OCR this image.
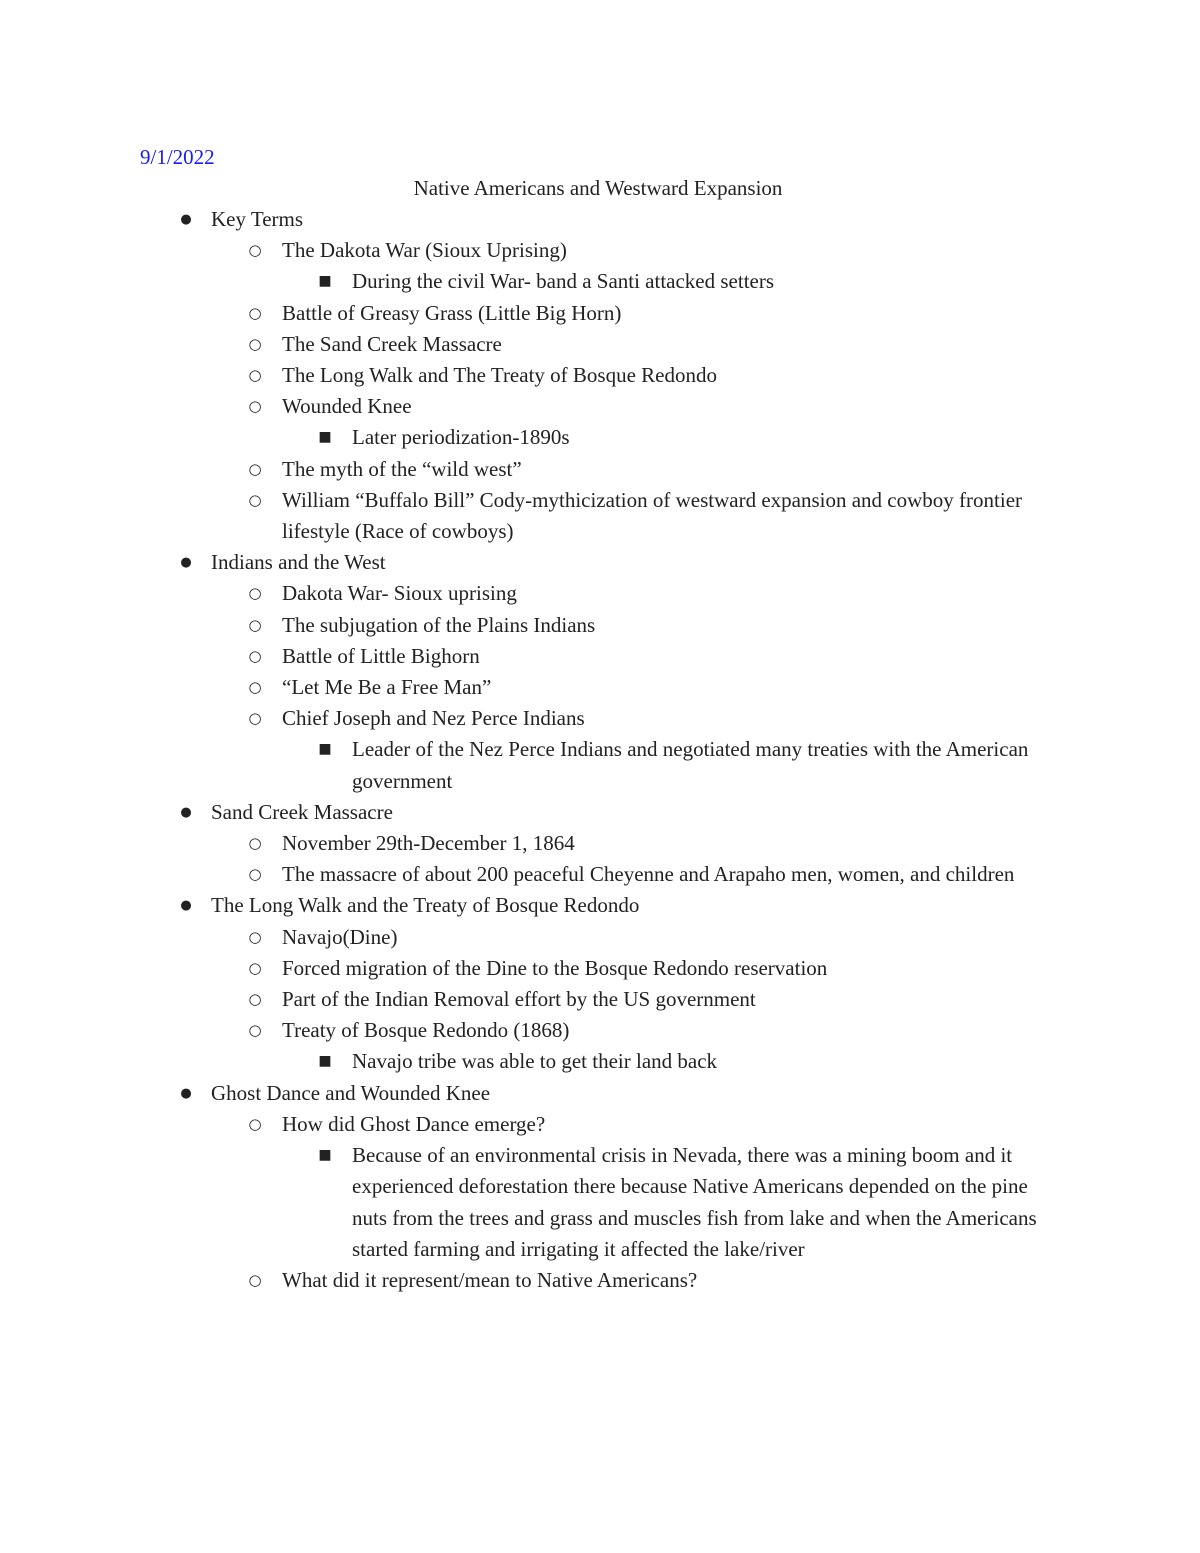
9/1/2022
Native Americans and Westward Expansion
● Key Terms
○ The Dakota War (Sioux Uprising)
■ During the civil War- band a Santi attacked setters
○ Battle of Greasy Grass (Little Big Horn)
○ The Sand Creek Massacre
○ The Long Walk and The Treaty of Bosque Redondo
○ Wounded Knee
■ Later periodization-1890s
○ The myth of the “wild west”
○ William “Buffalo Bill” Cody-mythicization of westward expansion and cowboy frontier lifestyle (Race of cowboys)
● Indians and the West
○ Dakota War- Sioux uprising
○ The subjugation of the Plains Indians
○ Battle of Little Bighorn
○ “Let Me Be a Free Man”
○ Chief Joseph and Nez Perce Indians
■ Leader of the Nez Perce Indians and negotiated many treaties with the American government
● Sand Creek Massacre
○ November 29th-December 1, 1864
○ The massacre of about 200 peaceful Cheyenne and Arapaho men, women, and children
● The Long Walk and the Treaty of Bosque Redondo
○ Navajo(Dine)
○ Forced migration of the Dine to the Bosque Redondo reservation
○ Part of the Indian Removal effort by the US government
○ Treaty of Bosque Redondo (1868)
■ Navajo tribe was able to get their land back
● Ghost Dance and Wounded Knee
○ How did Ghost Dance emerge?
■ Because of an environmental crisis in Nevada, there was a mining boom and it experienced deforestation there because Native Americans depended on the pine nuts from the trees and grass and muscles fish from lake and when the Americans started farming and irrigating it affected the lake/river
○ What did it represent/mean to Native Americans?
